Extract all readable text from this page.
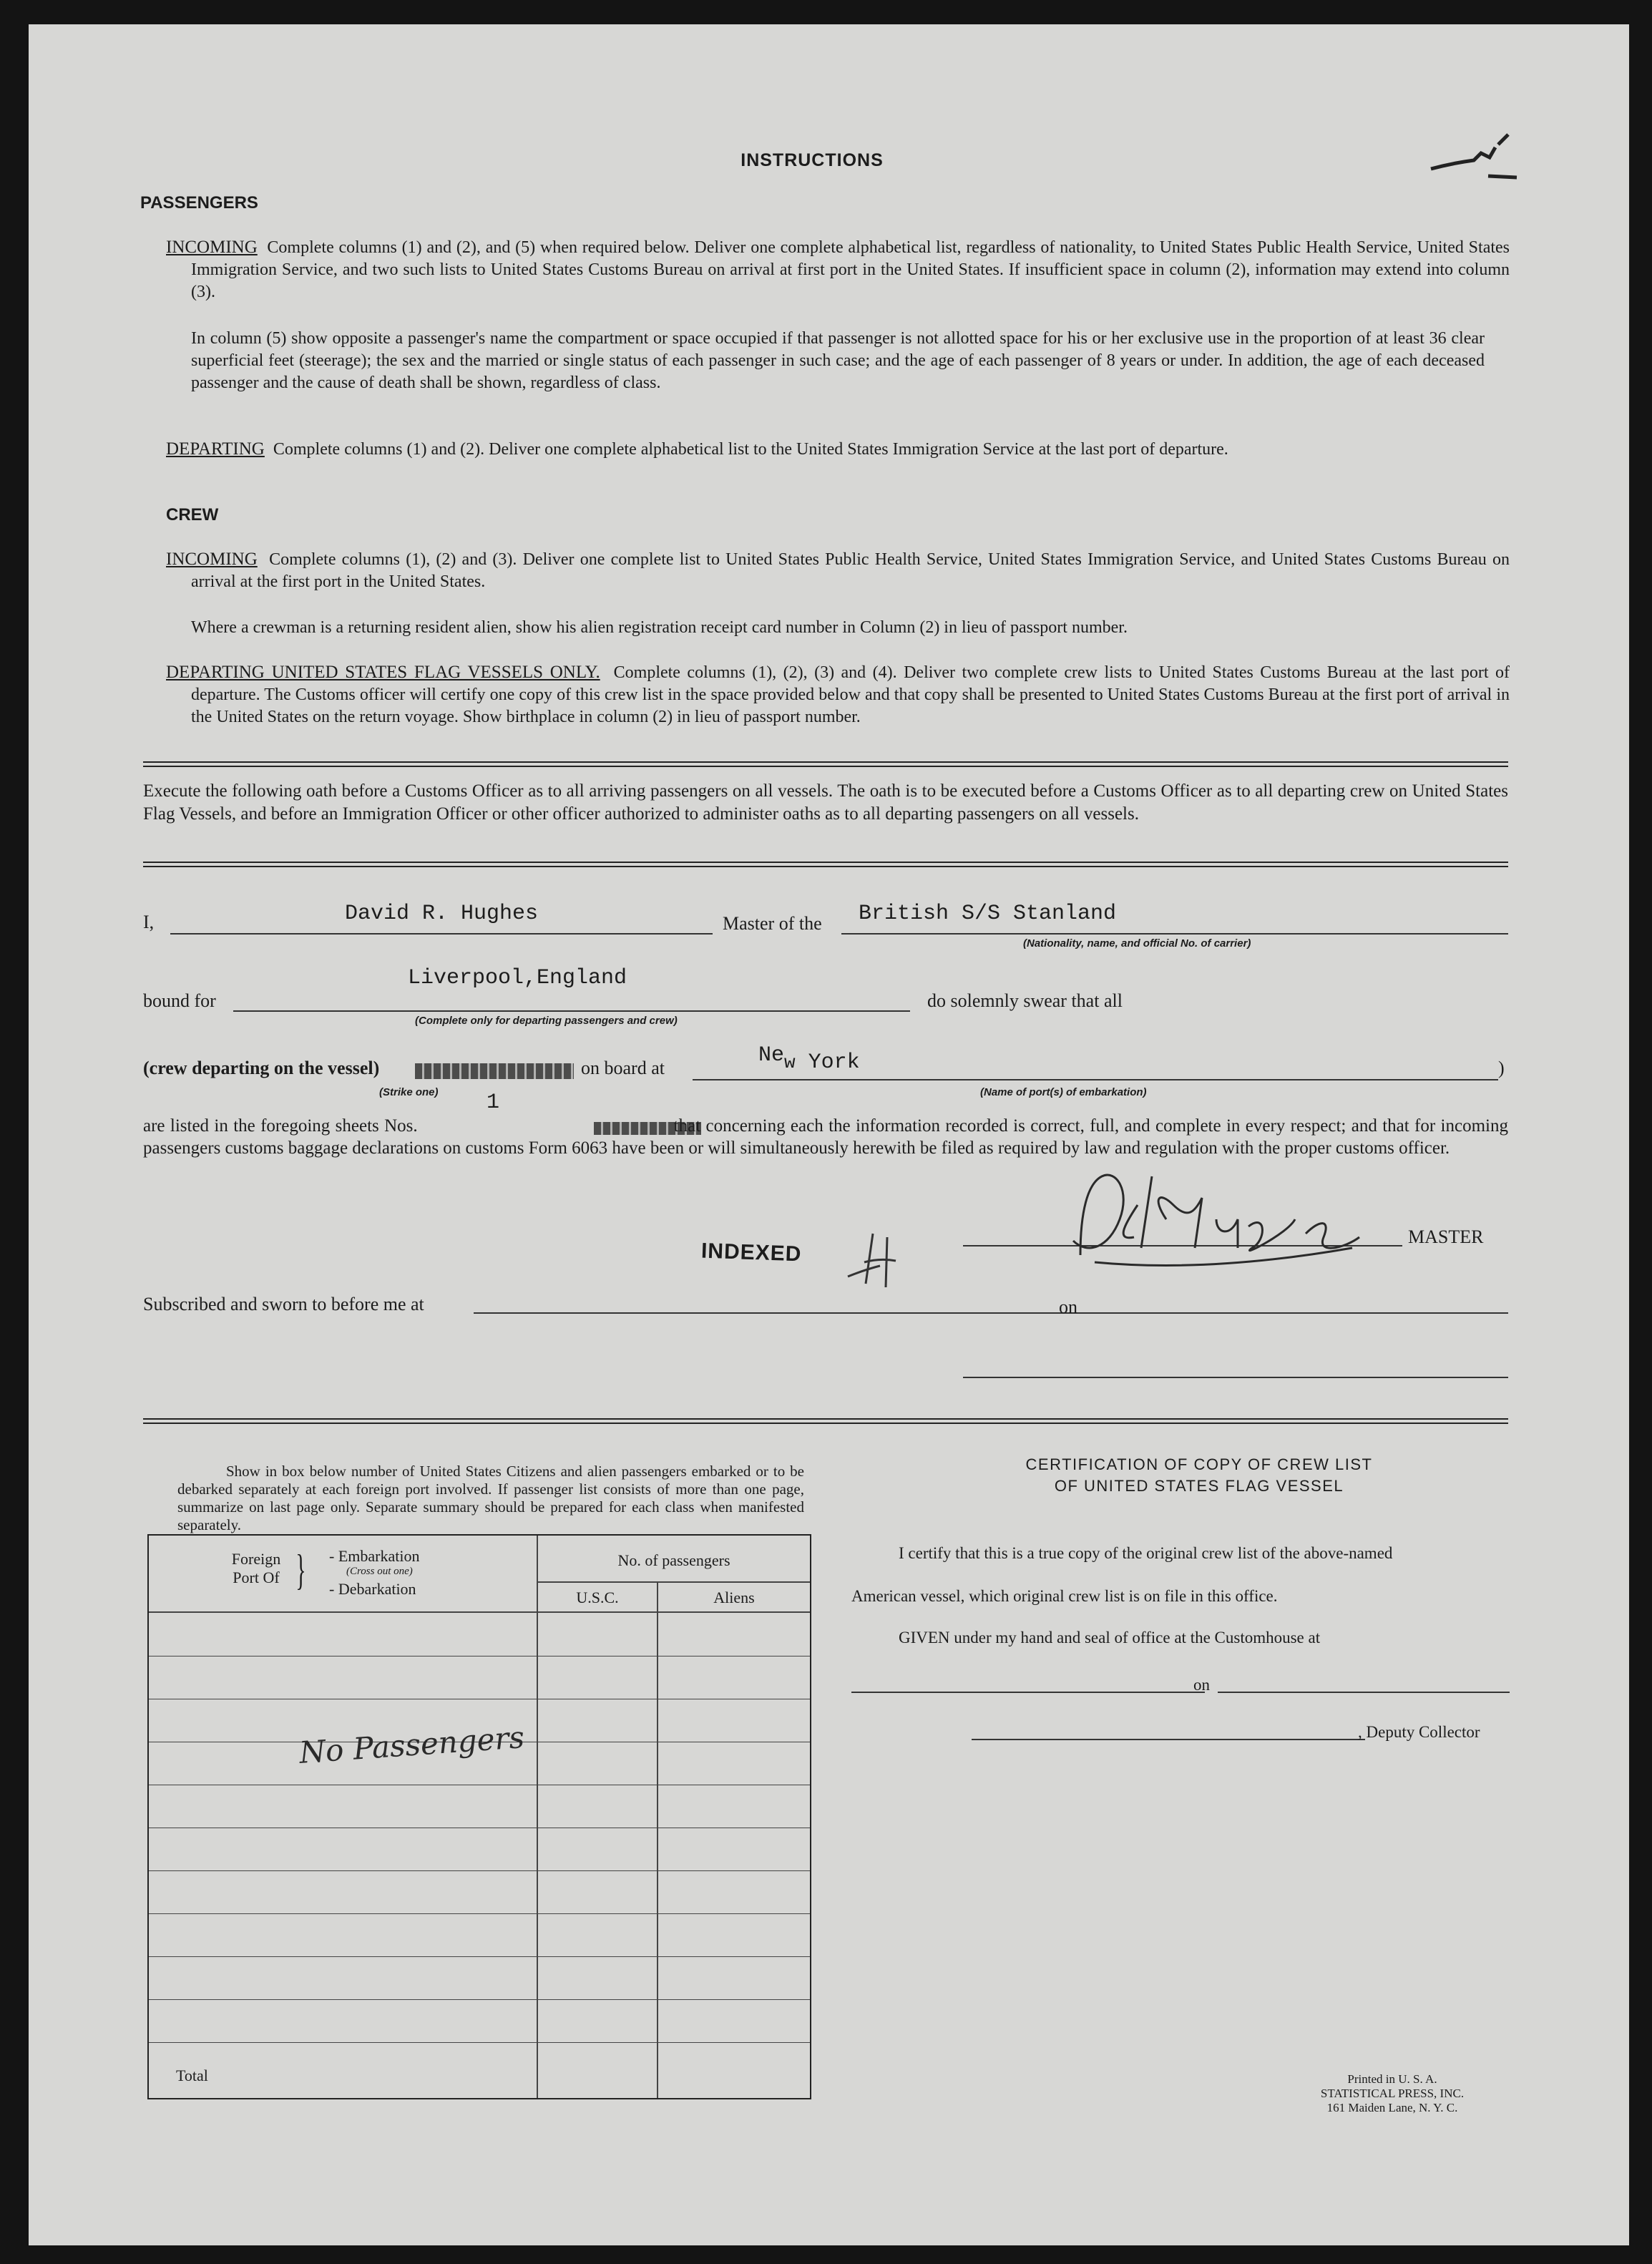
INSTRUCTIONS
PASSENGERS
INCOMING Complete columns (1) and (2), and (5) when required below. Deliver one complete alphabetical list, regardless of nationality, to United States Public Health Service, United States Immigration Service, and two such lists to United States Customs Bureau on arrival at first port in the United States. If insufficient space in column (2), information may extend into column (3).
In column (5) show opposite a passenger's name the compartment or space occupied if that passenger is not allotted space for his or her exclusive use in the proportion of at least 36 clear superficial feet (steerage); the sex and the married or single status of each passenger in such case; and the age of each passenger of 8 years or under. In addition, the age of each deceased passenger and the cause of death shall be shown, regardless of class.
DEPARTING Complete columns (1) and (2). Deliver one complete alphabetical list to the United States Immigration Service at the last port of departure.
CREW
INCOMING Complete columns (1), (2) and (3). Deliver one complete list to United States Public Health Service, United States Immigration Service, and United States Customs Bureau on arrival at the first port in the United States.
Where a crewman is a returning resident alien, show his alien registration receipt card number in Column (2) in lieu of passport number.
DEPARTING UNITED STATES FLAG VESSELS ONLY. Complete columns (1), (2), (3) and (4). Deliver two complete crew lists to United States Customs Bureau at the last port of departure. The Customs officer will certify one copy of this crew list in the space provided below and that copy shall be presented to United States Customs Bureau at the first port of arrival in the United States on the return voyage. Show birthplace in column (2) in lieu of passport number.
Execute the following oath before a Customs Officer as to all arriving passengers on all vessels. The oath is to be executed before a Customs Officer as to all departing crew on United States Flag Vessels, and before an Immigration Officer or other officer authorized to administer oaths as to all departing passengers on all vessels.
I,	David R. Hughes	Master of the British S/S Stanland
(Nationality, name, and official No. of carrier)
bound for
Liverpool,England
(Complete only for departing passengers and crew)
do solemnly swear that all
(crew departing on the vessel)
(Strike one)
on board at
New York
(Name of port(s) of embarkation)
)
1
are listed in the foregoing sheets Nos.	that concerning each the information recorded is correct, full, and complete in every respect; and that for incoming passengers customs baggage declarations on customs Form 6063 have been or will simultaneously herewith be filed as required by law and regulation with the proper customs officer.
INDEXED
MASTER
Subscribed and sworn to before me at	on
Show in box below number of United States Citizens and alien passengers embarked or to be debarked separately at each foreign port involved. If passenger list consists of more than one page, summarize on last page only. Separate summary should be prepared for each class when manifested separately.
Foreign Port Of } - Embarkation
(Cross out one)
- Debarkation
No. of passengers
U.S.C.	Aliens
No Passengers
Total
CERTIFICATION OF COPY OF CREW LIST
OF UNITED STATES FLAG VESSEL
I certify that this is a true copy of the original crew list of the above-named
American vessel, which original crew list is on file in this office.
GIVEN under my hand and seal of office at the Customhouse at
on
, Deputy Collector
Printed in U. S. A.
STATISTICAL PRESS, INC.
161 Maiden Lane, N. Y. C.
